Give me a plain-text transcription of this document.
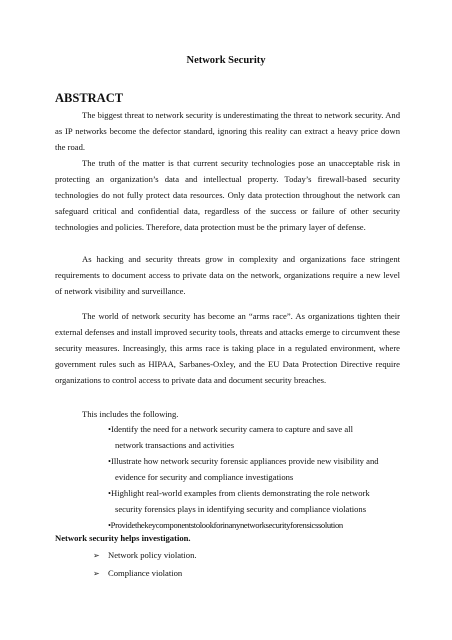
Network Security
ABSTRACT

The biggest threat to network security is underestimating the threat to network security. And as IP networks become the defector standard, ignoring this reality can extract a heavy price down the road.

The truth of the matter is that current security technologies pose an unacceptable risk in protecting an organization’s data and intellectual property. Today’s firewall-based security technologies do not fully protect data resources. Only data protection throughout the network can safeguard critical and confidential data, regardless of the success or failure of other security technologies and policies. Therefore, data protection must be the primary layer of defense.

As hacking and security threats grow in complexity and organizations face stringent requirements to document access to private data on the network, organizations require a new level of network visibility and surveillance.

The world of network security has become an “arms race”. As organizations tighten their external defenses and install improved security tools, threats and attacks emerge to circumvent these security measures. Increasingly, this arms race is taking place in a regulated environment, where government rules such as HIPAA, Sarbanes-Oxley, and the EU Data Protection Directive require organizations to control access to private data and document security breaches.

This includes the following.
•Identify the need for a network security camera to capture and save all
network transactions and activities
•Illustrate how network security forensic appliances provide new visibility and
evidence for security and compliance investigations
•Highlight real-world examples from clients demonstrating the role network
security forensics plays in identifying security and compliance violations
•Providethekeycomponentstolookforinanynetworksecurityforensicssolution
Network security helps investigation.
➢ Network policy violation.
➢ Compliance violation
